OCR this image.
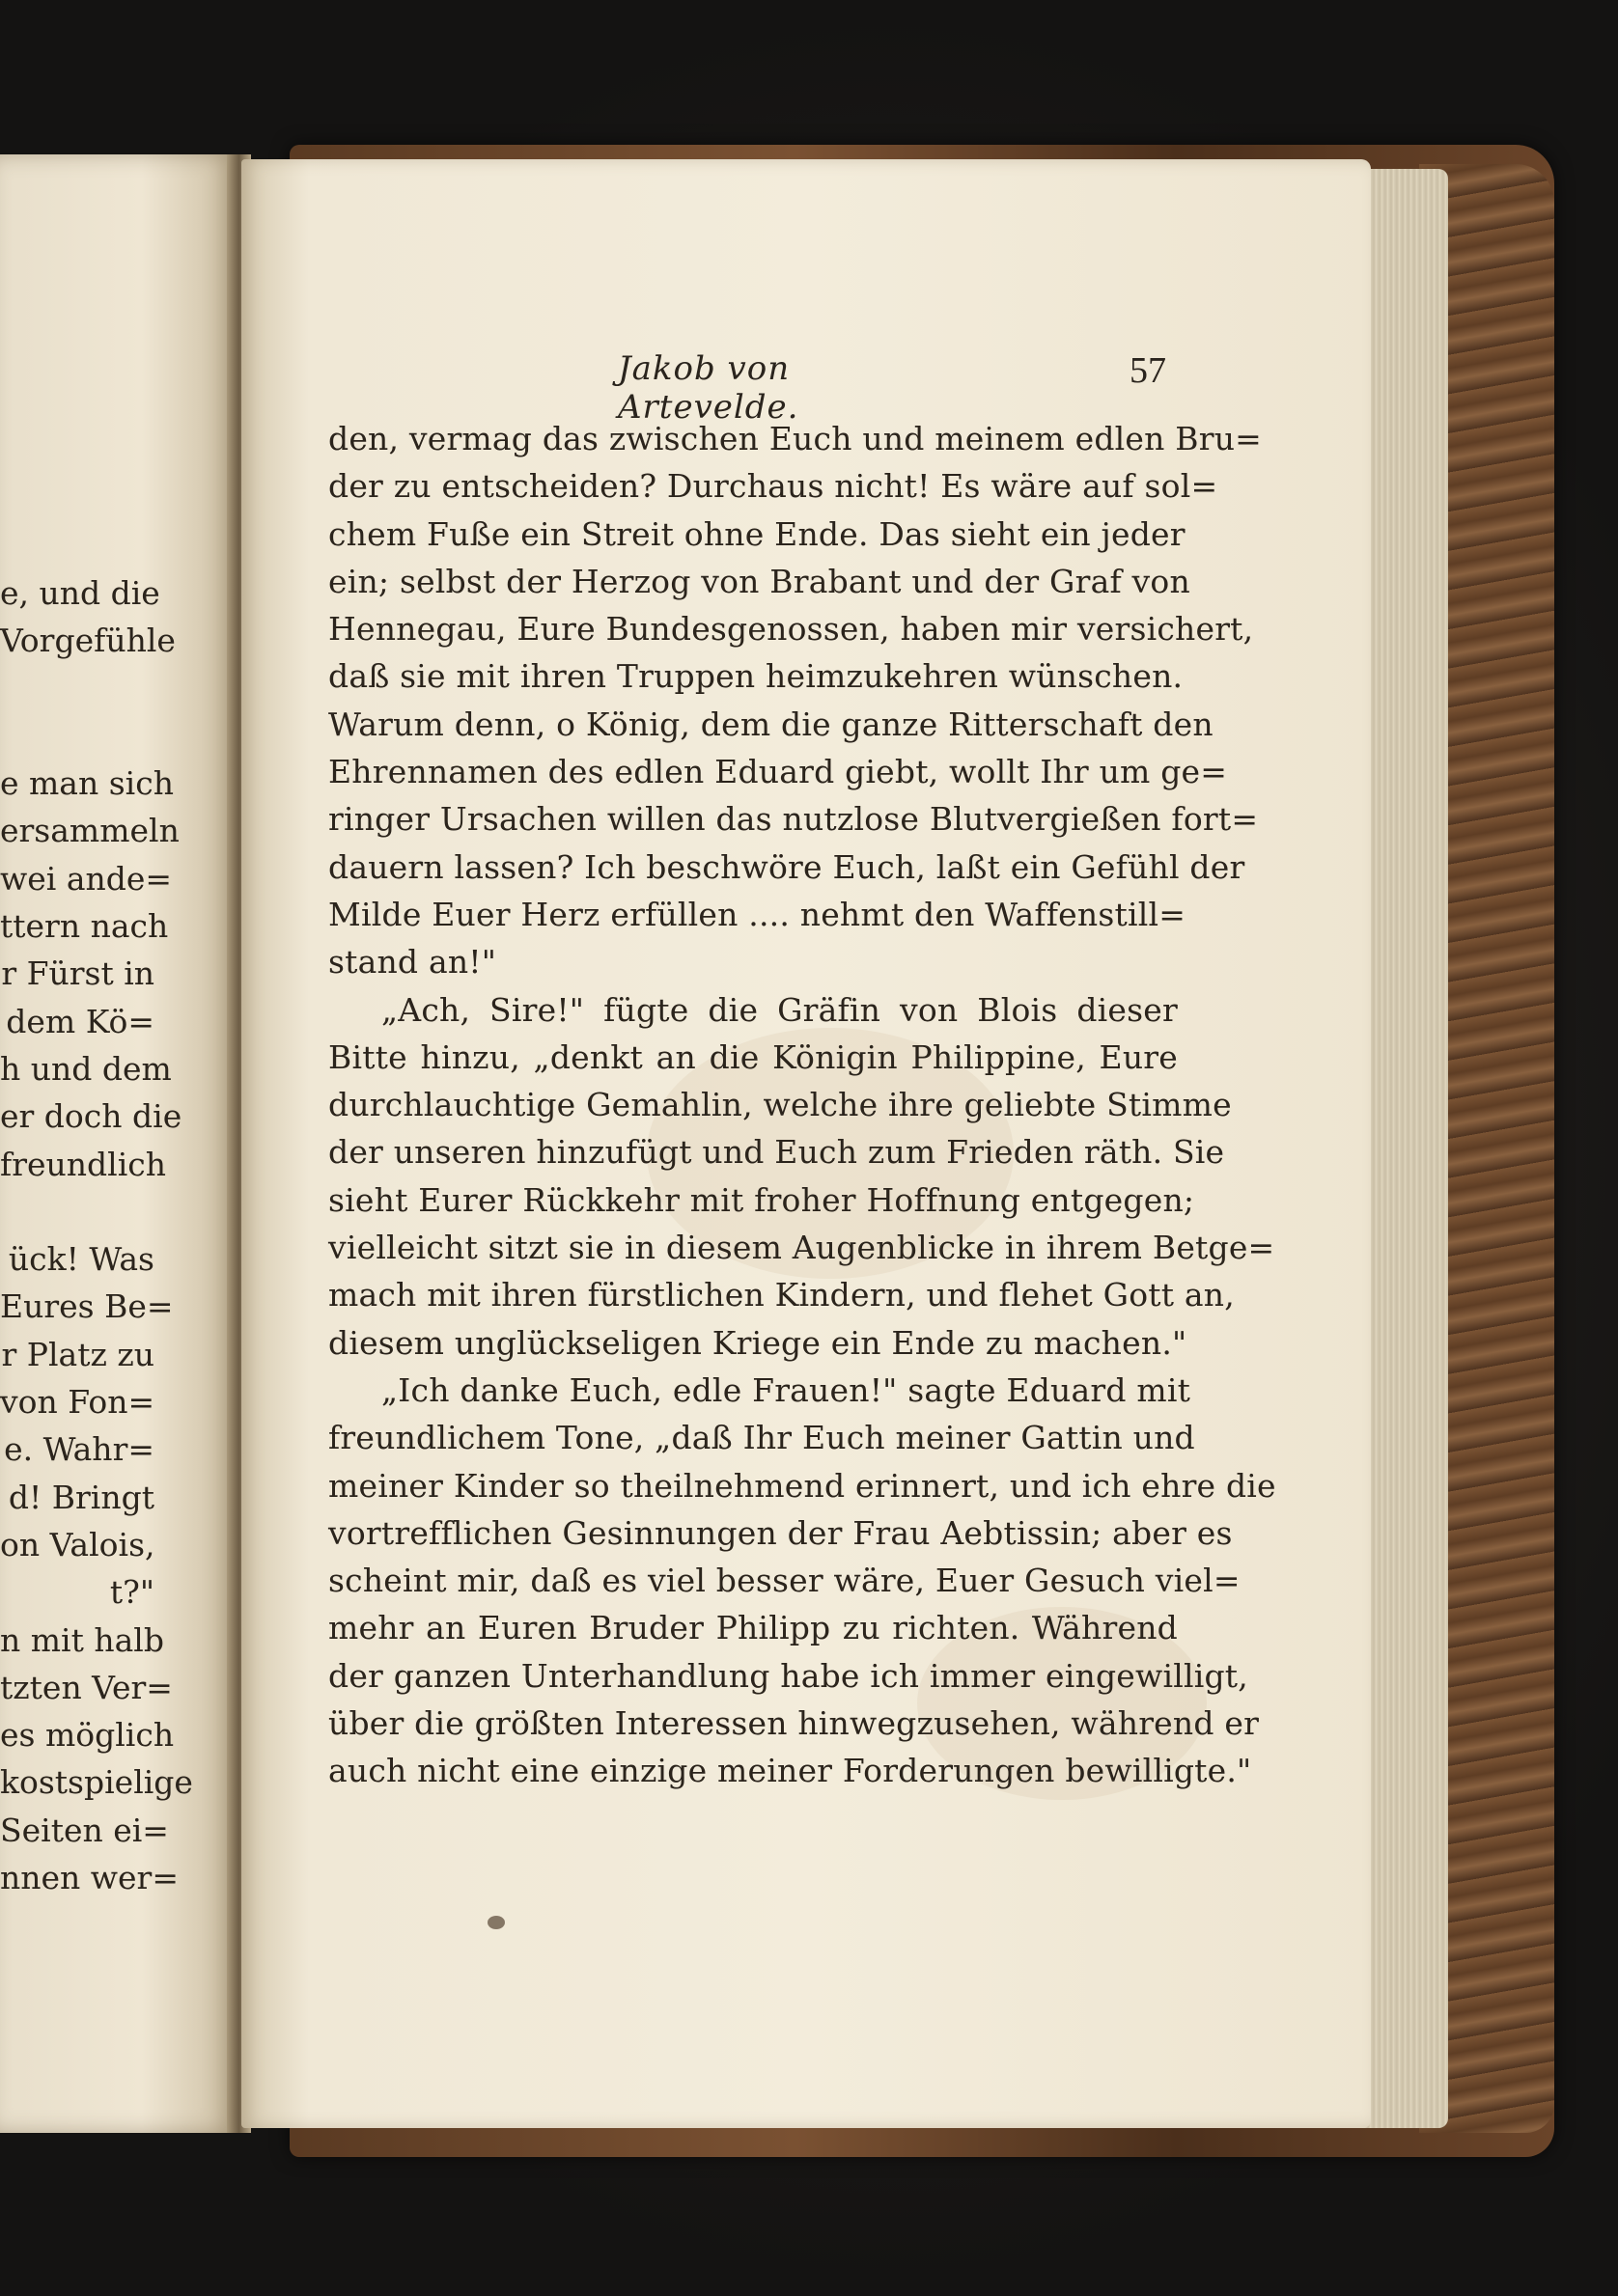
e, und die
Vorgefühle
e man sich
ersammeln
wei ande=
ttern nach
r Fürst in
dem Kö=
h und dem
er doch die
freundlich
ück! Was
Eures Be=
r Platz zu
von Fon=
e. Wahr=
d! Bringt
on Valois,
t?"
n mit halb
tzten Ver=
es möglich
kostspielige
Seiten ei=
nnen wer=
Jakob von Artevelde.
57
den, vermag das zwischen Euch und meinem edlen Bru=
der zu entscheiden? Durchaus nicht! Es wäre auf sol=
chem Fuße ein Streit ohne Ende. Das sieht ein jeder
ein; selbst der Herzog von Brabant und der Graf von
Hennegau, Eure Bundesgenossen, haben mir versichert,
daß sie mit ihren Truppen heimzukehren wünschen.
Warum denn, o König, dem die ganze Ritterschaft den
Ehrennamen des edlen Eduard giebt, wollt Ihr um ge=
ringer Ursachen willen das nutzlose Blutvergießen fort=
dauern lassen? Ich beschwöre Euch, laßt ein Gefühl der
Milde Euer Herz erfüllen .... nehmt den Waffenstill=
stand an!"
„Ach, Sire!" fügte die Gräfin von Blois dieser
Bitte hinzu, „denkt an die Königin Philippine, Eure
durchlauchtige Gemahlin, welche ihre geliebte Stimme
der unseren hinzufügt und Euch zum Frieden räth. Sie
sieht Eurer Rückkehr mit froher Hoffnung entgegen;
vielleicht sitzt sie in diesem Augenblicke in ihrem Betge=
mach mit ihren fürstlichen Kindern, und flehet Gott an,
diesem unglückseligen Kriege ein Ende zu machen."
„Ich danke Euch, edle Frauen!" sagte Eduard mit
freundlichem Tone, „daß Ihr Euch meiner Gattin und
meiner Kinder so theilnehmend erinnert, und ich ehre die
vortrefflichen Gesinnungen der Frau Aebtissin; aber es
scheint mir, daß es viel besser wäre, Euer Gesuch viel=
mehr an Euren Bruder Philipp zu richten. Während
der ganzen Unterhandlung habe ich immer eingewilligt,
über die größten Interessen hinwegzusehen, während er
auch nicht eine einzige meiner Forderungen bewilligte."
